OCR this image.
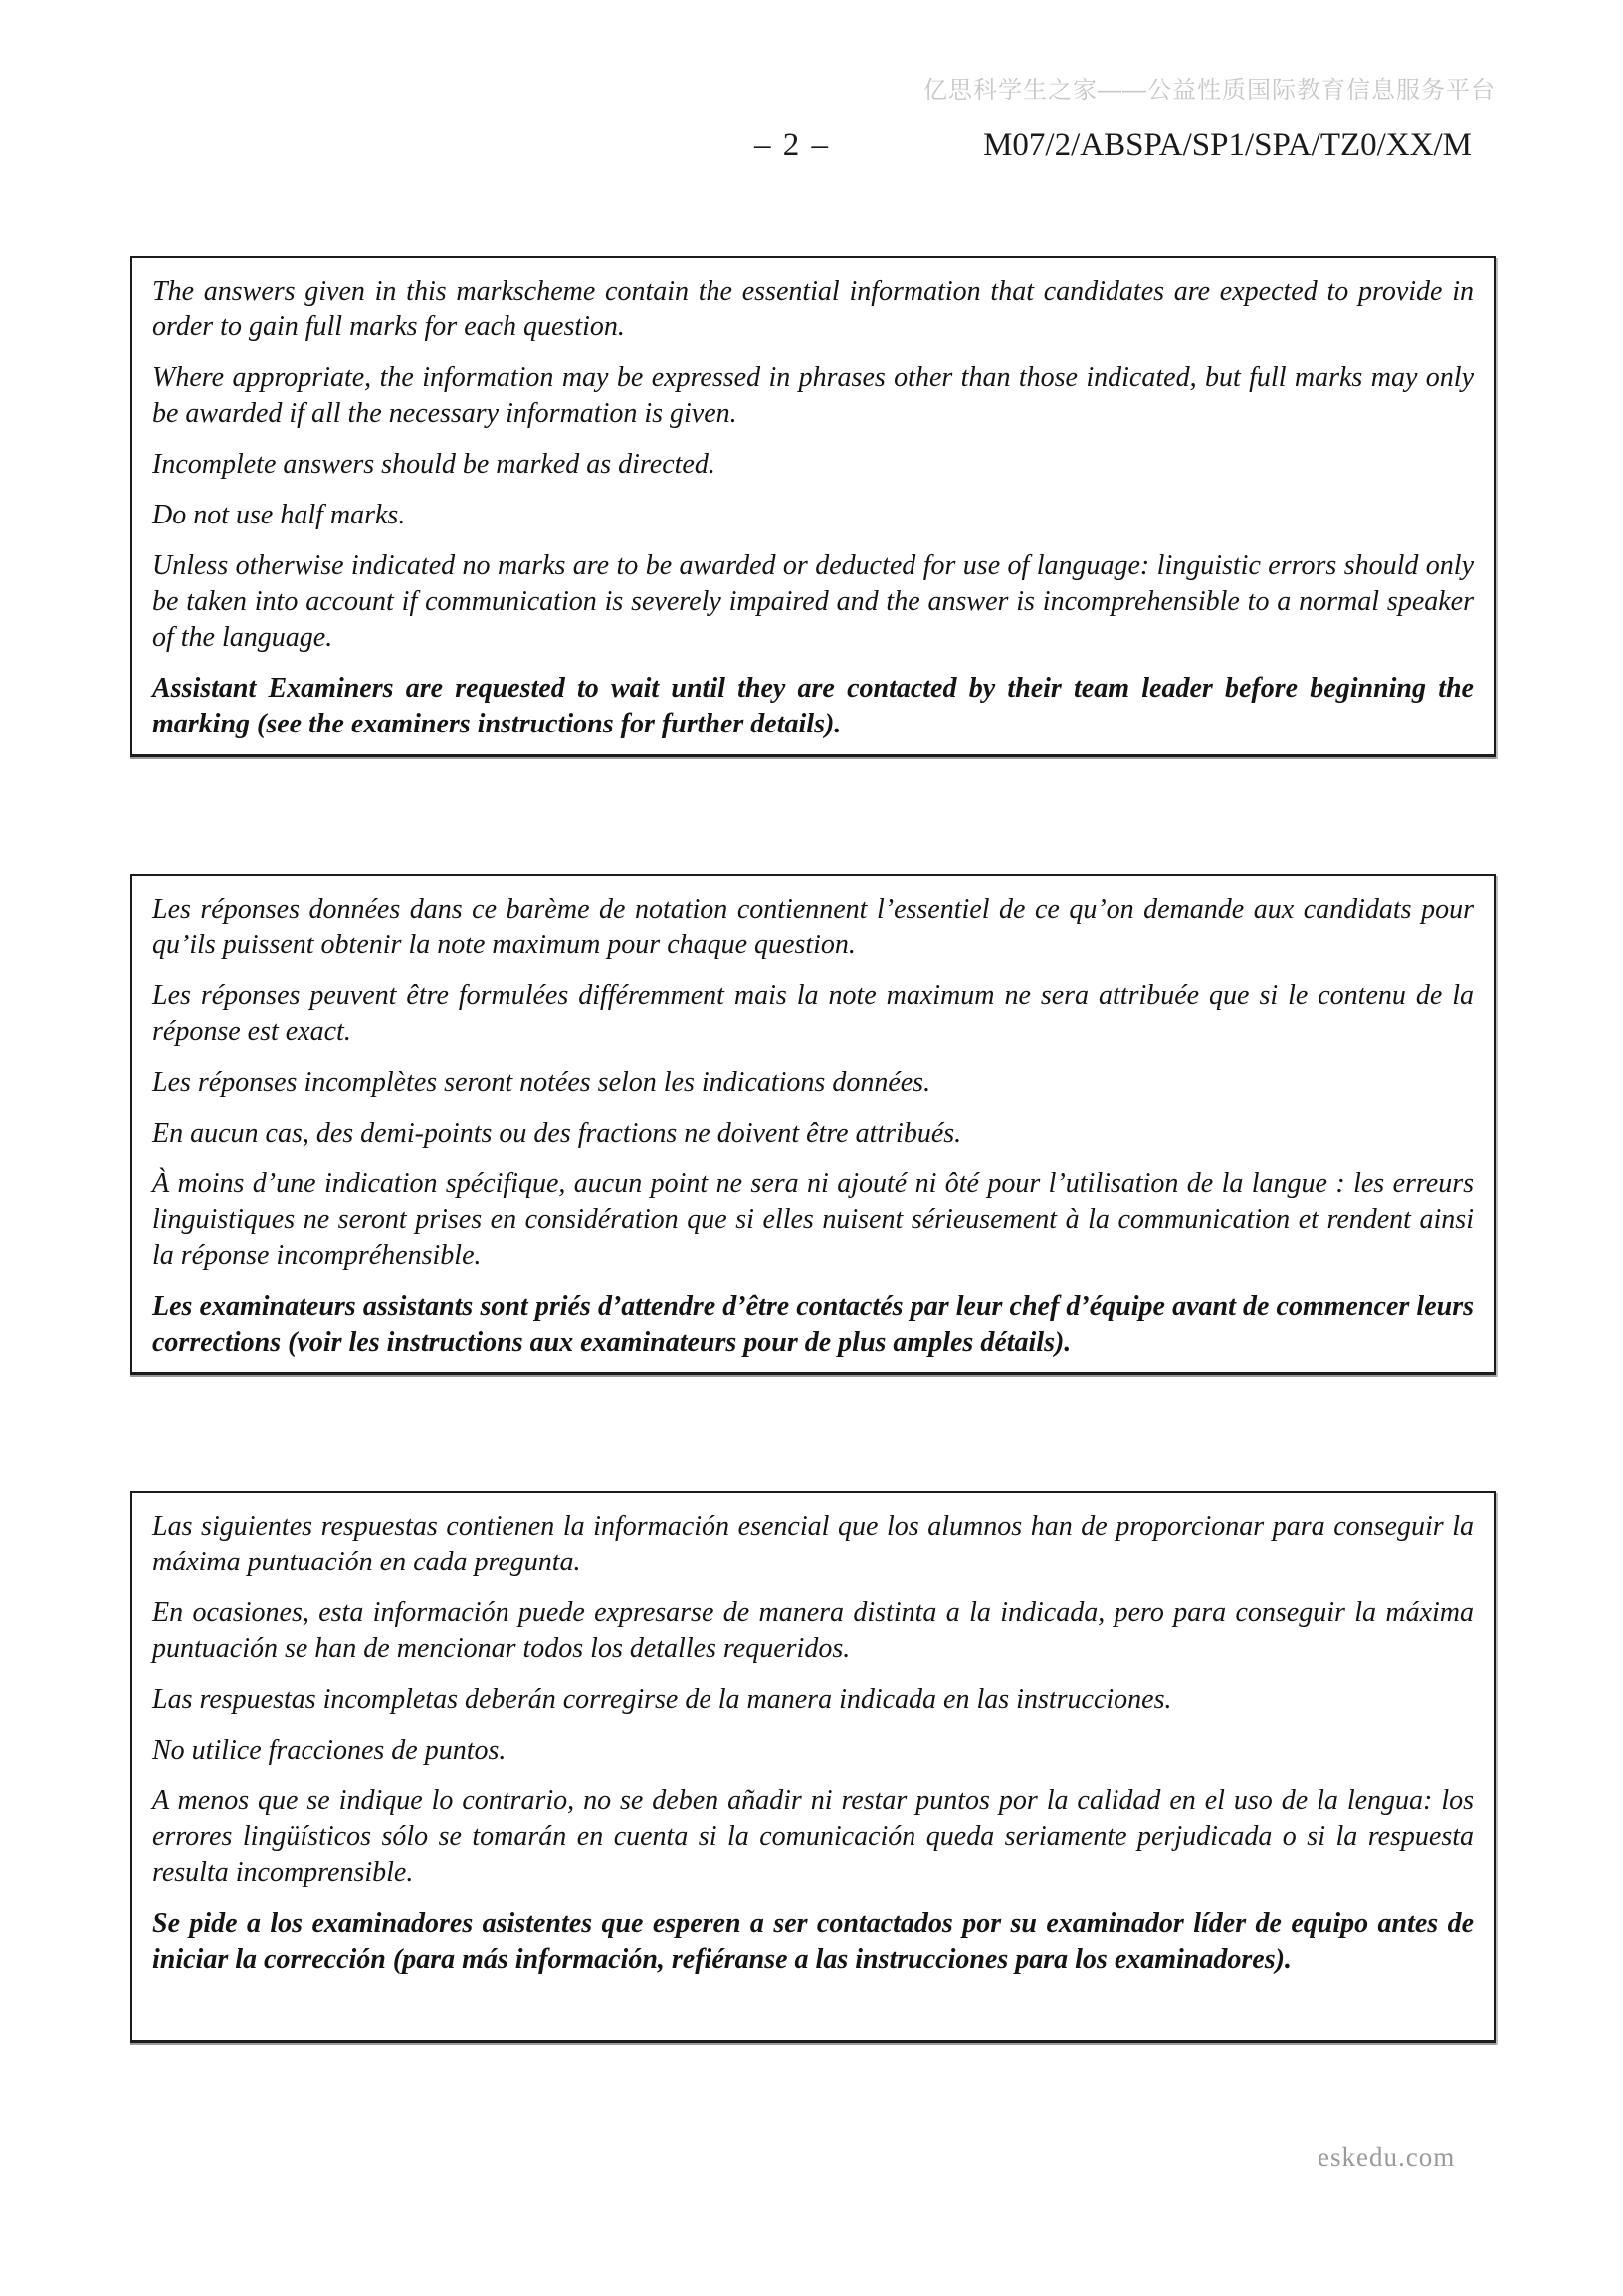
亿思科学生之家——公益性质国际教育信息服务平台
– 2 –	M07/2/ABSPA/SP1/SPA/TZ0/XX/M

The answers given in this markscheme contain the essential information that candidates are expected to provide in order to gain full marks for each question.

Where appropriate, the information may be expressed in phrases other than those indicated, but full marks may only be awarded if all the necessary information is given.

Incomplete answers should be marked as directed.

Do not use half marks.

Unless otherwise indicated no marks are to be awarded or deducted for use of language: linguistic errors should only be taken into account if communication is severely impaired and the answer is incomprehensible to a normal speaker of the language.

Assistant Examiners are requested to wait until they are contacted by their team leader before beginning the marking (see the examiners instructions for further details).

Les réponses données dans ce barème de notation contiennent l’essentiel de ce qu’on demande aux candidats pour qu’ils puissent obtenir la note maximum pour chaque question.

Les réponses peuvent être formulées différemment mais la note maximum ne sera attribuée que si le contenu de la réponse est exact.

Les réponses incomplètes seront notées selon les indications données.

En aucun cas, des demi-points ou des fractions ne doivent être attribués.

À moins d’une indication spécifique, aucun point ne sera ni ajouté ni ôté pour l’utilisation de la langue : les erreurs linguistiques ne seront prises en considération que si elles nuisent sérieusement à la communication et rendent ainsi la réponse incompréhensible.

Les examinateurs assistants sont priés d’attendre d’être contactés par leur chef d’équipe avant de commencer leurs corrections (voir les instructions aux examinateurs pour de plus amples détails).

Las siguientes respuestas contienen la información esencial que los alumnos han de proporcionar para conseguir la máxima puntuación en cada pregunta.

En ocasiones, esta información puede expresarse de manera distinta a la indicada, pero para conseguir la máxima puntuación se han de mencionar todos los detalles requeridos.

Las respuestas incompletas deberán corregirse de la manera indicada en las instrucciones.

No utilice fracciones de puntos.

A menos que se indique lo contrario, no se deben añadir ni restar puntos por la calidad en el uso de la lengua: los errores lingüísticos sólo se tomarán en cuenta si la comunicación queda seriamente perjudicada o si la respuesta resulta incomprensible.

Se pide a los examinadores asistentes que esperen a ser contactados por su examinador líder de equipo antes de iniciar la corrección (para más información, refiéranse a las instrucciones para los examinadores).

eskedu.com
